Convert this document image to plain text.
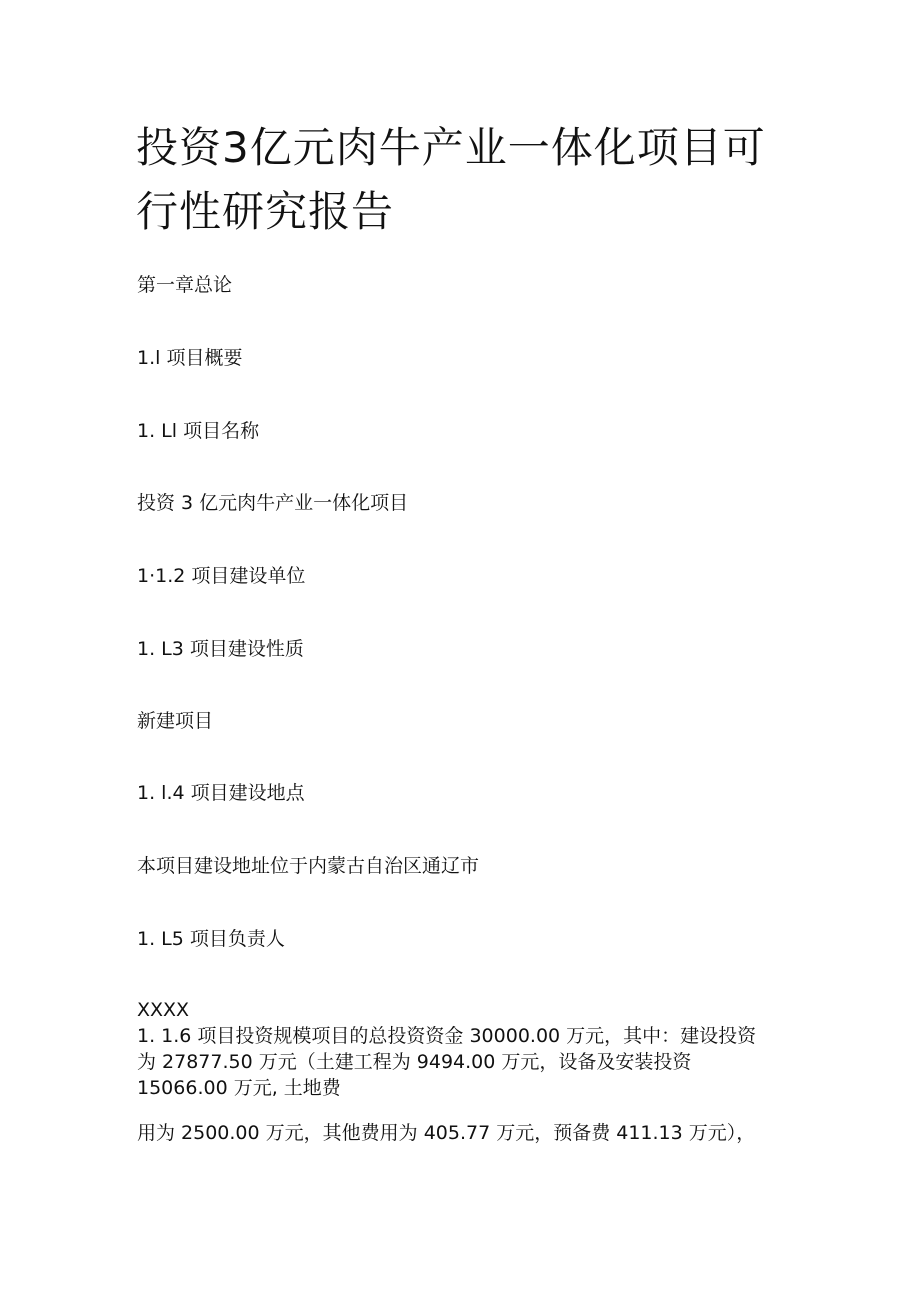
投资3亿元肉牛产业一体化项目可行性研究报告

第一章总论

1.l 项目概要

1. Ll 项目名称

投资 3 亿元肉牛产业一体化项目

1·1.2 项目建设单位

1. L3 项目建设性质

新建项目

1. l.4 项目建设地点

本项目建设地址位于内蒙古自治区通辽市

1. L5 项目负责人

XXXX
1. 1.6 项目投资规模项目的总投资资金 30000.00 万元，其中：建设投资
为 27877.50 万元（土建工程为 9494.00 万元，设备及安装投资
15066.00 万元, 土地费

用为 2500.00 万元，其他费用为 405.77 万元，预备费 411.13 万元），
